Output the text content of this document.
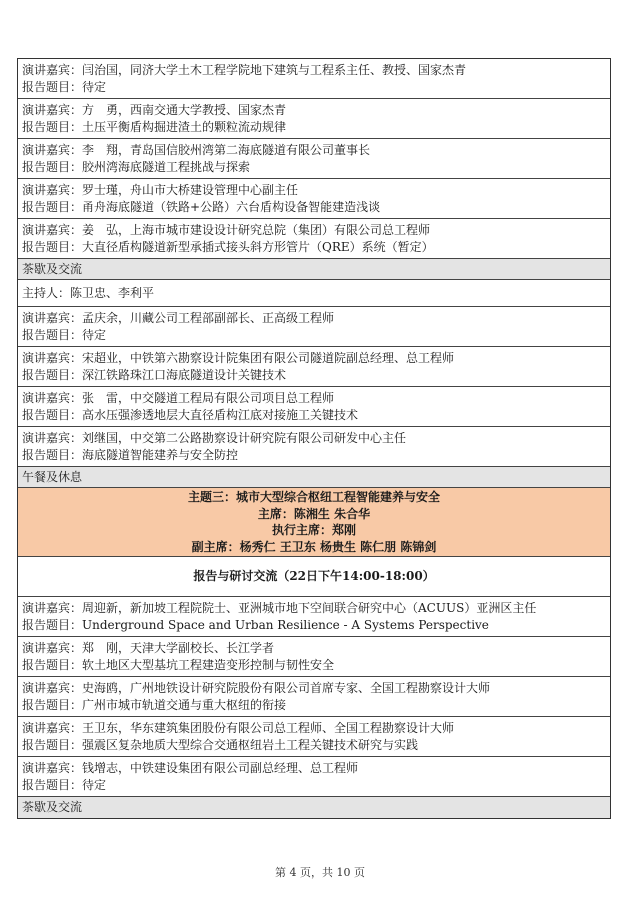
演讲嘉宾：闫治国，同济大学土木工程学院地下建筑与工程系主任、教授、国家杰青
报告题目：待定
演讲嘉宾：方　勇，西南交通大学教授、国家杰青
报告题目：土压平衡盾构掘进渣土的颗粒流动规律
演讲嘉宾：李　翔，青岛国信胶州湾第二海底隧道有限公司董事长
报告题目：胶州湾海底隧道工程挑战与探索
演讲嘉宾：罗士瑾，舟山市大桥建设管理中心副主任
报告题目：甬舟海底隧道（铁路+公路）六台盾构设备智能建造浅谈
演讲嘉宾：姜　弘，上海市城市建设设计研究总院（集团）有限公司总工程师
报告题目：大直径盾构隧道新型承插式接头斜方形管片（QRE）系统（暂定）
茶歇及交流
主持人：陈卫忠、李利平
演讲嘉宾：孟庆余，川藏公司工程部副部长、正高级工程师
报告题目：待定
演讲嘉宾：宋超业，中铁第六勘察设计院集团有限公司隧道院副总经理、总工程师
报告题目：深江铁路珠江口海底隧道设计关键技术
演讲嘉宾：张　雷，中交隧道工程局有限公司项目总工程师
报告题目：高水压强渗透地层大直径盾构江底对接施工关键技术
演讲嘉宾：刘继国，中交第二公路勘察设计研究院有限公司研发中心主任
报告题目：海底隧道智能建养与安全防控
午餐及休息
主题三：城市大型综合枢纽工程智能建养与安全
主席：陈湘生 朱合华
执行主席：郑刚
副主席：杨秀仁 王卫东 杨贵生 陈仁朋 陈锦剑
报告与研讨交流（22日下午14:00-18:00）
演讲嘉宾：周迎新，新加坡工程院院士、亚洲城市地下空间联合研究中心（ACUUS）亚洲区主任
报告题目：Underground Space and Urban Resilience - A Systems Perspective
演讲嘉宾：郑　刚，天津大学副校长、长江学者
报告题目：软土地区大型基坑工程建造变形控制与韧性安全
演讲嘉宾：史海鸥，广州地铁设计研究院股份有限公司首席专家、全国工程勘察设计大师
报告题目：广州市城市轨道交通与重大枢纽的衔接
演讲嘉宾：王卫东，华东建筑集团股份有限公司总工程师、全国工程勘察设计大师
报告题目：强震区复杂地质大型综合交通枢纽岩土工程关键技术研究与实践
演讲嘉宾：钱增志，中铁建设集团有限公司副总经理、总工程师
报告题目：待定
茶歇及交流
第 4 页，共 10 页
